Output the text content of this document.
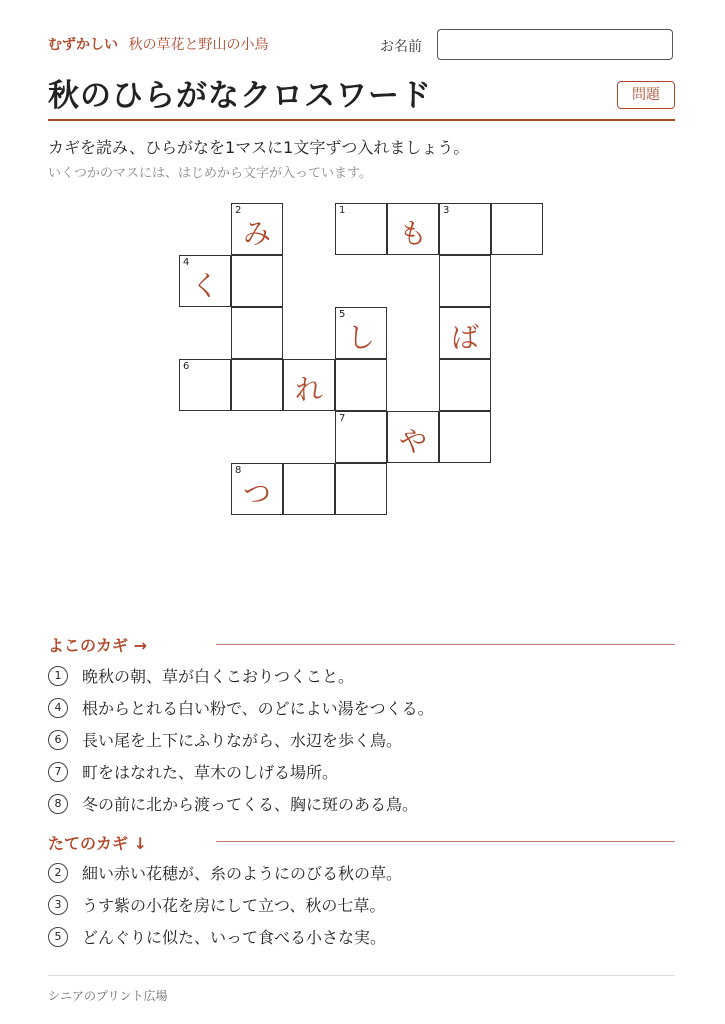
むずかしい 秋の草花と野山の小鳥	お名前
秋のひらがなクロスワード	問題
カギを読み、ひらがなを1マスに1文字ずつ入れましょう。
いくつかのマスには、はじめから文字が入っています。
2
み
1
も
3
4
く
5
し	ば
6
れ
7
や
8
つ
よこのカギ →
1	晩秋の朝、草が白くこおりつくこと。
4	根からとれる白い粉で、のどによい湯をつくる。
6	長い尾を上下にふりながら、水辺を歩く鳥。
7	町をはなれた、草木のしげる場所。
8	冬の前に北から渡ってくる、胸に斑のある鳥。
たてのカギ ↓
2	細い赤い花穂が、糸のようにのびる秋の草。
3	うす紫の小花を房にして立つ、秋の七草。
5	どんぐりに似た、いって食べる小さな実。
シニアのプリント広場
